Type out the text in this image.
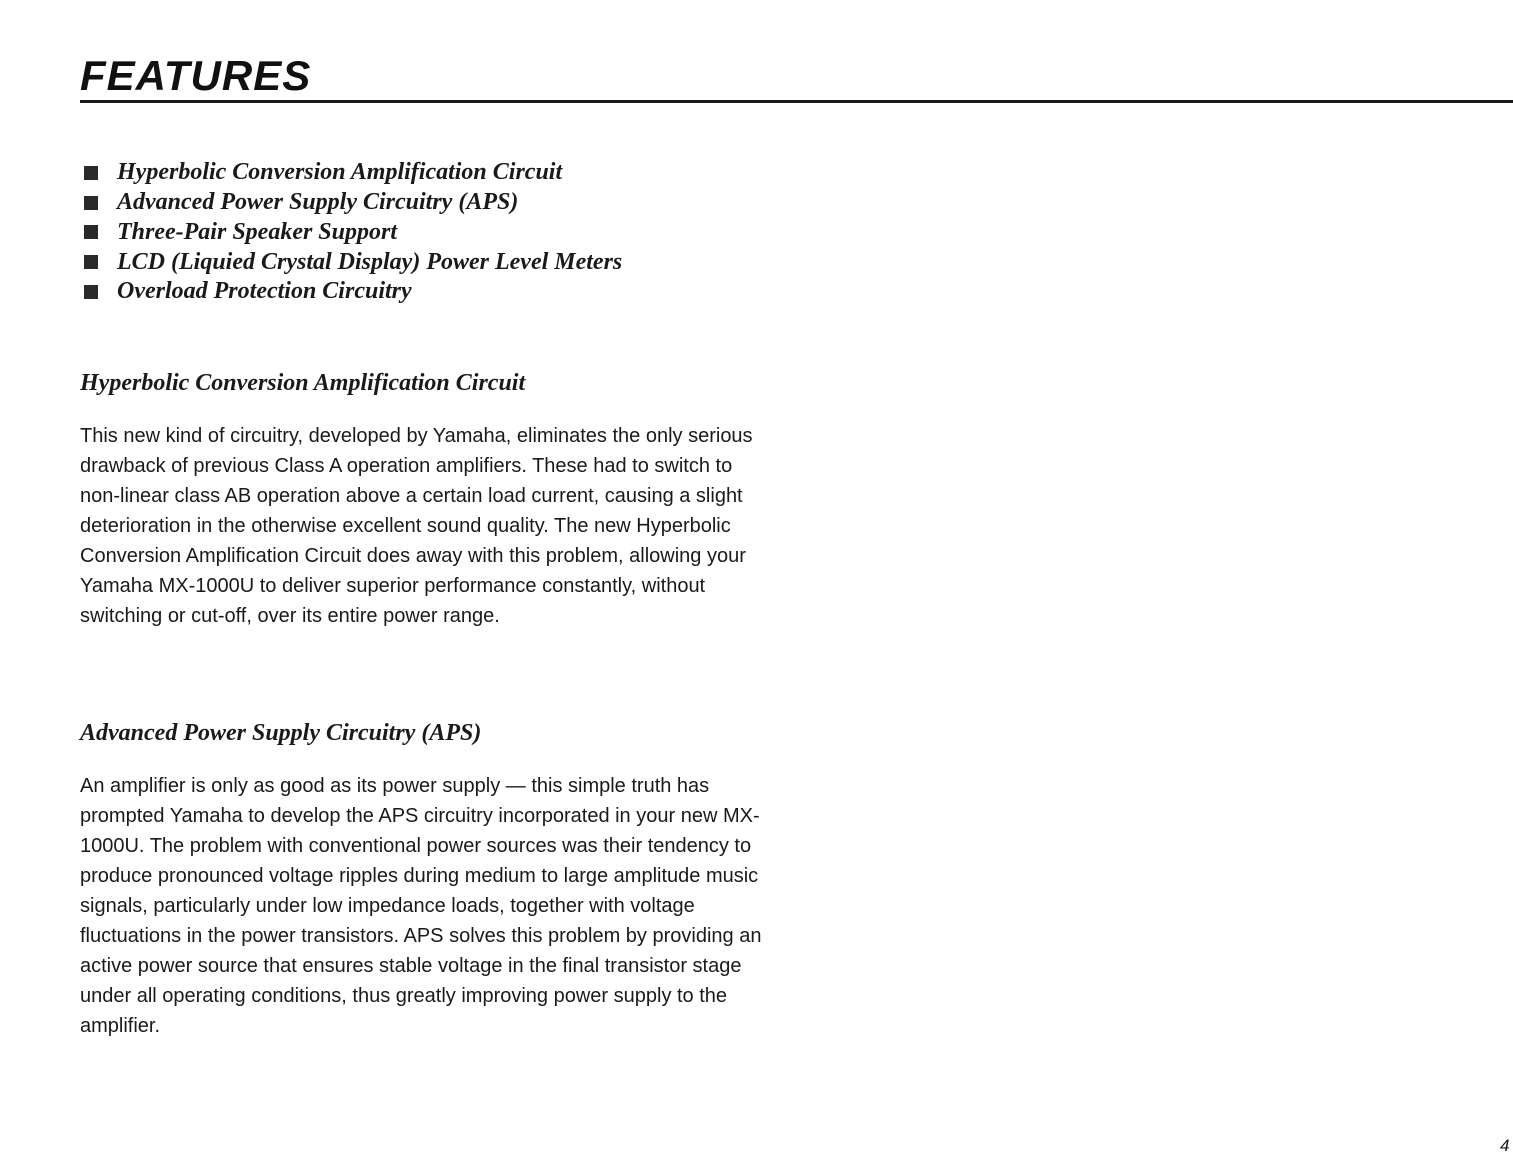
FEATURES
Hyperbolic Conversion Amplification Circuit
Advanced Power Supply Circuitry (APS)
Three-Pair Speaker Support
LCD (Liquied Crystal Display) Power Level Meters
Overload Protection Circuitry
Hyperbolic Conversion Amplification Circuit

This new kind of circuitry, developed by Yamaha, eliminates the only serious drawback of previous Class A operation amplifiers. These had to switch to non-linear class AB operation above a certain load current, causing a slight deterioration in the otherwise excellent sound quality. The new Hyperbolic Conversion Amplification Circuit does away with this problem, allowing your Yamaha MX-1000U to deliver superior performance constantly, without switching or cut-off, over its entire power range.

Advanced Power Supply Circuitry (APS)

An amplifier is only as good as its power supply — this simple truth has prompted Yamaha to develop the APS circuitry incorporated in your new MX-1000U. The problem with conventional power sources was their tendency to produce pronounced voltage ripples during medium to large amplitude music signals, particularly under low impedance loads, together with voltage fluctuations in the power transistors. APS solves this problem by providing an active power source that ensures stable voltage in the final transistor stage under all operating conditions, thus greatly improving power supply to the amplifier.

4
